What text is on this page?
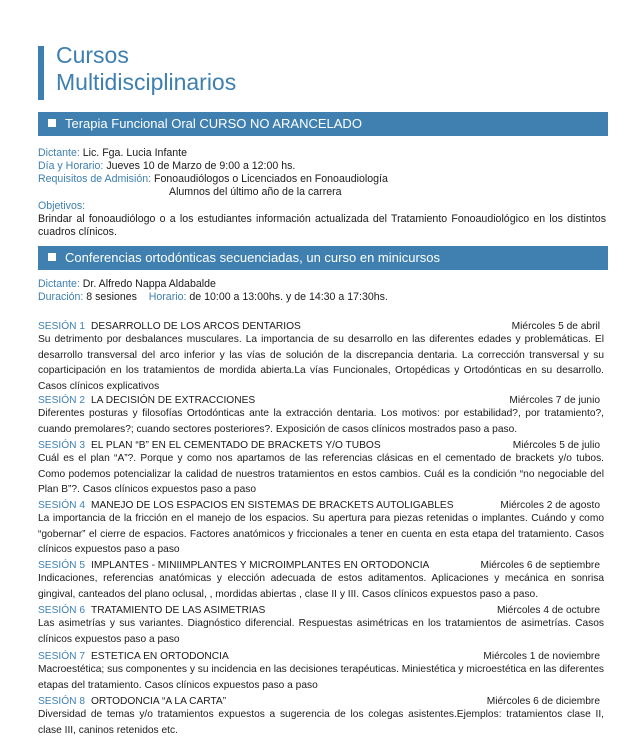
Cursos
Multidisciplinarios
Terapia Funcional Oral CURSO NO ARANCELADO
Dictante: Lic. Fga. Lucia Infante
Día y Horario: Jueves 10 de Marzo de 9:00 a 12:00 hs.
Requisitos de Admisión: Fonoaudiólogos o Licenciados en Fonoaudiología
Alumnos del último año de la carrera
Objetivos:
Brindar al fonoaudiólogo o a los estudiantes información actualizada del Tratamiento Fonoaudiológico en los distintos cuadros clínicos.
Conferencias ortodónticas secuenciadas, un curso en minicursos
Dictante: Dr. Alfredo Nappa Aldabalde
Duración: 8 sesiones Horario: de 10:00 a 13:00hs. y de 14:30 a 17:30hs.
SESIÓN 1 DESARROLLO DE LOS ARCOS DENTARIOS	Miércoles 5 de abril
Su detrimento por desbalances musculares. La importancia de su desarrollo en las diferentes edades y problemáticas. El desarrollo transversal del arco inferior y las vías de solución de la discrepancia dentaria. La corrección transversal y su coparticipación en los tratamientos de mordida abierta.La vías Funcionales, Ortopédicas y Ortodónticas en su desarrollo. Casos clínicos explicativos
SESIÓN 2 LA DECISIÓN DE EXTRACCIONES	Miércoles 7 de junio
Diferentes posturas y filosofías Ortodónticas ante la extracción dentaria. Los motivos: por estabilidad?, por tratamiento?, cuando premolares?; cuando sectores posteriores?. Exposición de casos clínicos mostrados paso a paso.
SESIÓN 3 EL PLAN “B” EN EL CEMENTADO DE BRACKETS Y/O TUBOS	Miércoles 5 de julio
Cuál es el plan “A”?. Porque y como nos apartamos de las referencias clásicas en el cementado de brackets y/o tubos. Como podemos potencializar la calidad de nuestros tratamientos en estos cambios. Cuál es la condición “no negociable del Plan B”?. Casos clínicos expuestos paso a paso
SESIÓN 4 MANEJO DE LOS ESPACIOS EN SISTEMAS DE BRACKETS AUTOLIGABLES	Miércoles 2 de agosto
La importancia de la fricción en el manejo de los espacios. Su apertura para piezas retenidas o implantes. Cuándo y como “gobernar” el cierre de espacios. Factores anatómicos y friccionales a tener en cuenta en esta etapa del tratamiento. Casos clínicos expuestos paso a paso
SESIÓN 5 IMPLANTES - MINIIMPLANTES Y MICROIMPLANTES EN ORTODONCIA	Miércoles 6 de septiembre
Indicaciones, referencias anatómicas y elección adecuada de estos aditamentos. Aplicaciones y mecánica en sonrisa gingival, canteados del plano oclusal, , mordidas abiertas , clase II y III. Casos clínicos expuestos paso a paso.
SESIÓN 6 TRATAMIENTO DE LAS ASIMETRIAS	Miércoles 4 de octubre
Las asimetrías y sus variantes. Diagnóstico diferencial. Respuestas asimétricas en los tratamientos de asimetrías. Casos clínicos expuestos paso a paso
SESIÓN 7 ESTETICA EN ORTODONCIA	Miércoles 1 de noviembre
Macroestética; sus componentes y su incidencia en las decisiones terapéuticas. Miniestética y microestética en las diferentes etapas del tratamiento. Casos clínicos expuestos paso a paso
SESIÓN 8 ORTODONCIA “A LA CARTA”	Miércoles 6 de diciembre
Diversidad de temas y/o tratamientos expuestos a sugerencia de los colegas asistentes.Ejemplos: tratamientos clase II, clase III, caninos retenidos etc.
